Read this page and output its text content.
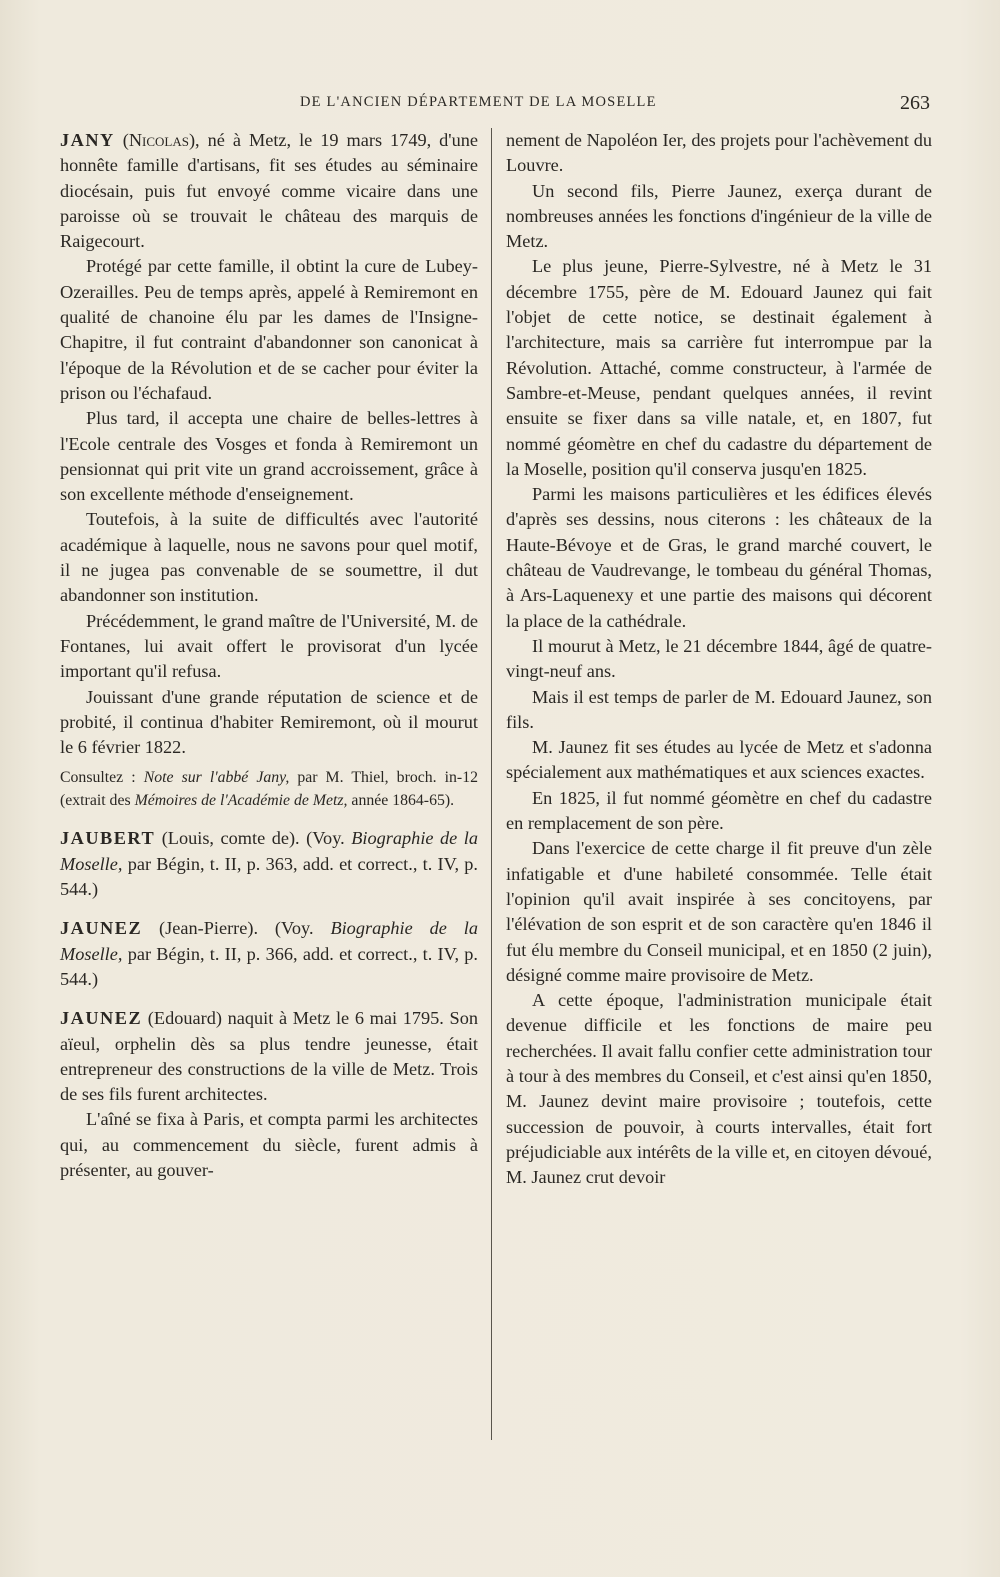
DE L'ANCIEN DÉPARTEMENT DE LA MOSELLE	263

JANY (Nicolas), né à Metz, le 19 mars 1749, d'une honnête famille d'artisans, fit ses études au séminaire diocésain, puis fut envoyé comme vicaire dans une paroisse où se trouvait le château des marquis de Raigecourt.

Protégé par cette famille, il obtint la cure de Lubey-Ozerailles. Peu de temps après, appelé à Remiremont en qualité de chanoine élu par les dames de l'Insigne-Chapitre, il fut contraint d'abandonner son canonicat à l'époque de la Révolution et de se cacher pour éviter la prison ou l'échafaud.

Plus tard, il accepta une chaire de belles-lettres à l'Ecole centrale des Vosges et fonda à Remiremont un pensionnat qui prit vite un grand accroissement, grâce à son excellente méthode d'enseignement.

Toutefois, à la suite de difficultés avec l'autorité académique à laquelle, nous ne savons pour quel motif, il ne jugea pas convenable de se soumettre, il dut abandonner son institution.

Précédemment, le grand maître de l'Université, M. de Fontanes, lui avait offert le provisorat d'un lycée important qu'il refusa.

Jouissant d'une grande réputation de science et de probité, il continua d'habiter Remiremont, où il mourut le 6 février 1822.

Consultez : Note sur l'abbé Jany, par M. Thiel, broch. in-12 (extrait des Mémoires de l'Académie de Metz, année 1864-65).

JAUBERT (Louis, comte de). (Voy. Biographie de la Moselle, par Bégin, t. II, p. 363, add. et correct., t. IV, p. 544.)

JAUNEZ (Jean-Pierre). (Voy. Biographie de la Moselle, par Bégin, t. II, p. 366, add. et correct., t. IV, p. 544.)

JAUNEZ (Edouard) naquit à Metz le 6 mai 1795. Son aïeul, orphelin dès sa plus tendre jeunesse, était entrepreneur des constructions de la ville de Metz. Trois de ses fils furent architectes.

L'aîné se fixa à Paris, et compta parmi les architectes qui, au commencement du siècle, furent admis à présenter, au gouver-

nement de Napoléon Ier, des projets pour l'achèvement du Louvre.

Un second fils, Pierre Jaunez, exerça durant de nombreuses années les fonctions d'ingénieur de la ville de Metz.

Le plus jeune, Pierre-Sylvestre, né à Metz le 31 décembre 1755, père de M. Edouard Jaunez qui fait l'objet de cette notice, se destinait également à l'architecture, mais sa carrière fut interrompue par la Révolution. Attaché, comme constructeur, à l'armée de Sambre-et-Meuse, pendant quelques années, il revint ensuite se fixer dans sa ville natale, et, en 1807, fut nommé géomètre en chef du cadastre du département de la Moselle, position qu'il conserva jusqu'en 1825.

Parmi les maisons particulières et les édifices élevés d'après ses dessins, nous citerons : les châteaux de la Haute-Bévoye et de Gras, le grand marché couvert, le château de Vaudrevange, le tombeau du général Thomas, à Ars-Laquenexy et une partie des maisons qui décorent la place de la cathédrale.

Il mourut à Metz, le 21 décembre 1844, âgé de quatre-vingt-neuf ans.

Mais il est temps de parler de M. Edouard Jaunez, son fils.

M. Jaunez fit ses études au lycée de Metz et s'adonna spécialement aux mathématiques et aux sciences exactes.

En 1825, il fut nommé géomètre en chef du cadastre en remplacement de son père.

Dans l'exercice de cette charge il fit preuve d'un zèle infatigable et d'une habileté consommée. Telle était l'opinion qu'il avait inspirée à ses concitoyens, par l'élévation de son esprit et de son caractère qu'en 1846 il fut élu membre du Conseil municipal, et en 1850 (2 juin), désigné comme maire provisoire de Metz.

A cette époque, l'administration municipale était devenue difficile et les fonctions de maire peu recherchées. Il avait fallu confier cette administration tour à tour à des membres du Conseil, et c'est ainsi qu'en 1850, M. Jaunez devint maire provisoire ; toutefois, cette succession de pouvoir, à courts intervalles, était fort préjudiciable aux intérêts de la ville et, en citoyen dévoué, M. Jaunez crut devoir
